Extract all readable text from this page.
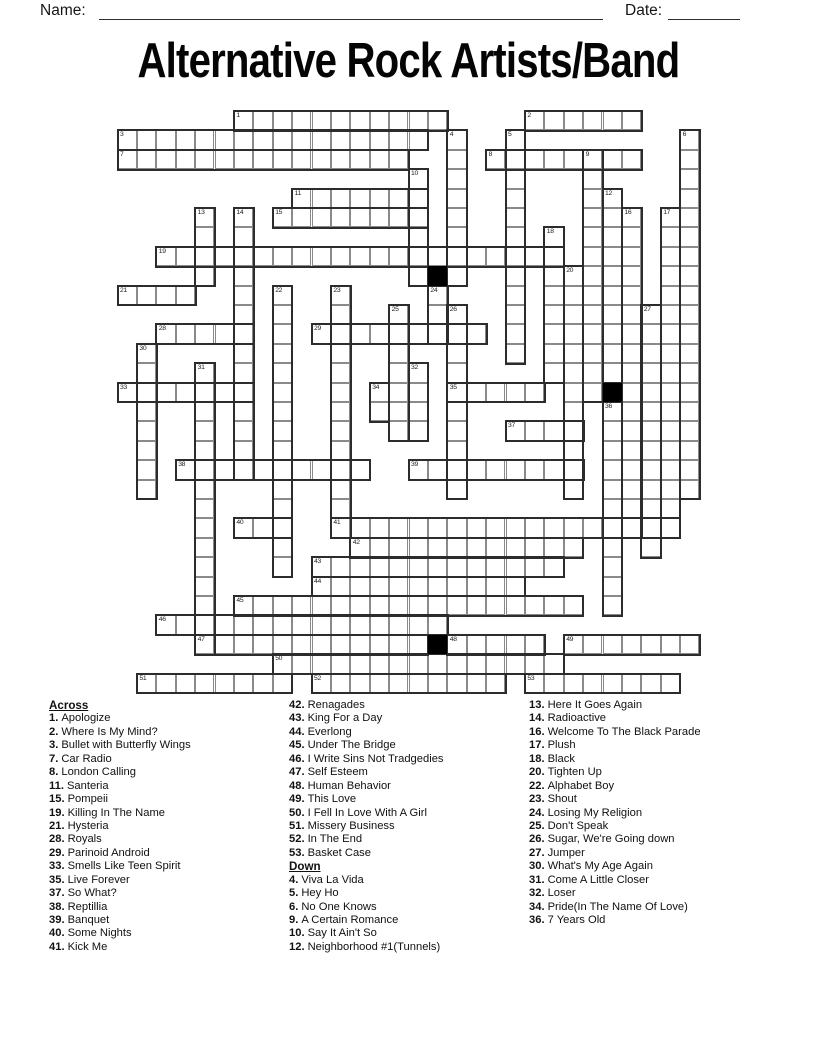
Name:	Date:
Alternative Rock Artists/Band
1	2
3
7	8	9
11
15
19
21
28	29
33	35
37
38	39
40	41
42
43
44
45
46
47	48	49
50
51	52	53
4	5	6
10
12
13	14	16	17
18
20
22	23	24
25	26	27
30
31	32
34
36
Across
1. Apologize
2. Where Is My Mind?
3. Bullet with Butterfly Wings
7. Car Radio
8. London Calling
11. Santeria
15. Pompeii
19. Killing In The Name
21. Hysteria
28. Royals
29. Parinoid Android
33. Smells Like Teen Spirit
35. Live Forever
37. So What?
38. Reptillia
39. Banquet
40. Some Nights
41. Kick Me
42. Renagades
43. King For a Day
44. Everlong
45. Under The Bridge
46. I Write Sins Not Tradgedies
47. Self Esteem
48. Human Behavior
49. This Love
50. I Fell In Love With A Girl
51. Missery Business
52. In The End
53. Basket Case
Down
4. Viva La Vida
5. Hey Ho
6. No One Knows
9. A Certain Romance
10. Say It Ain't So
12. Neighborhood #1(Tunnels)
13. Here It Goes Again
14. Radioactive
16. Welcome To The Black Parade
17. Plush
18. Black
20. Tighten Up
22. Alphabet Boy
23. Shout
24. Losing My Religion
25. Don't Speak
26. Sugar, We're Going down
27. Jumper
30. What's My Age Again
31. Come A Little Closer
32. Loser
34. Pride(In The Name Of Love)
36. 7 Years Old
